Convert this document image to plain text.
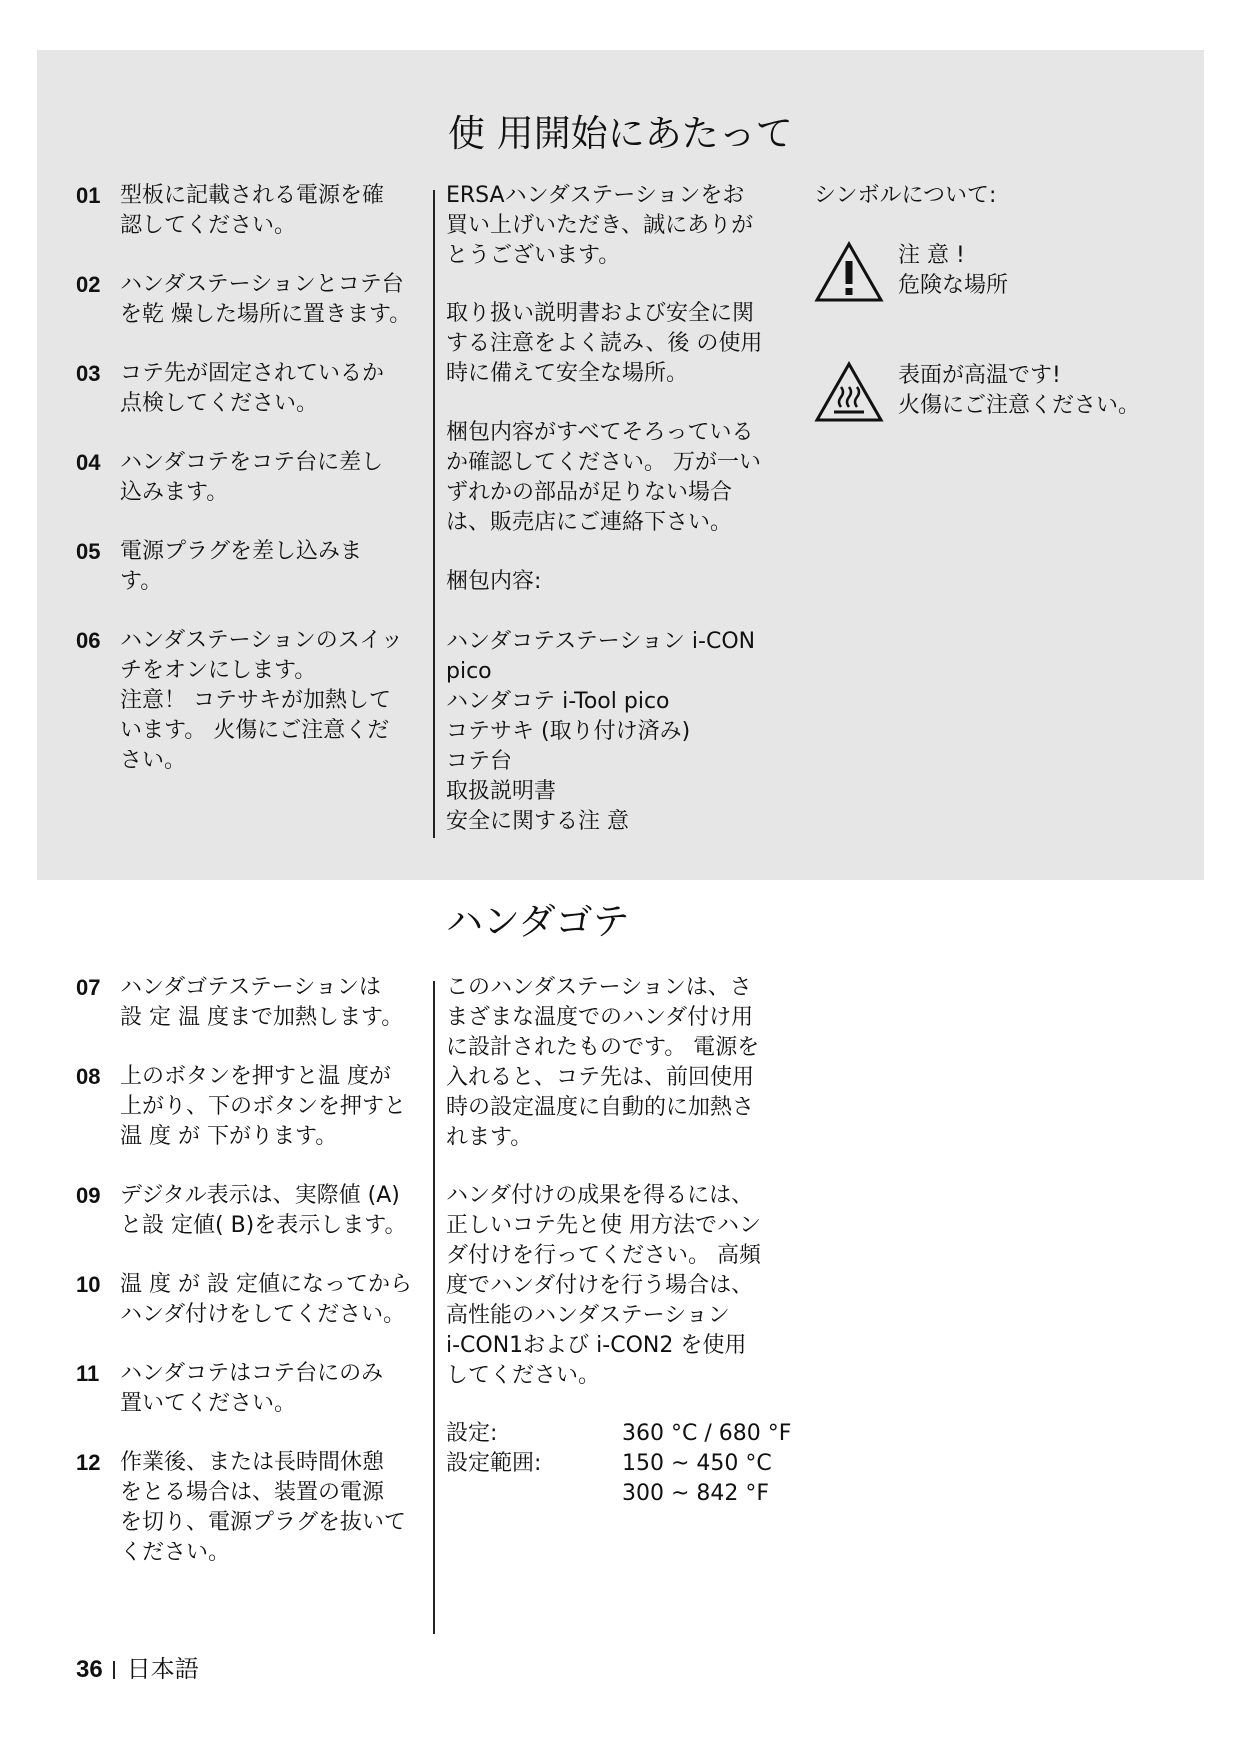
使 用開始にあたって
01 型板に記載される電源を確
認してください。
02 ハンダステーションとコテ台
を乾 燥した場所に置きます。
03 コテ先が固定されているか
点検してください。
04 ハンダコテをコテ台に差し
込みます。
05 電源プラグを差し込みま
す。
06 ハンダステーションのスイッ
チをオンにします。
注意！ コテサキが加熱して
います。 火傷にご注意くだ
さい。
ERSAハンダステーションをお
買い上げいただき、誠にありが
とうございます。
取り扱い説明書および安全に関
する注意をよく読み、後 の使用
時に備えて安全な場所。
梱包内容がすべてそろっている
か確認してください。 万が一い
ずれかの部品が足りない場合
は、販売店にご連絡下さい。
梱包内容:
ハンダコテステーション i-CON
pico
ハンダコテ i-Tool pico
コテサキ (取り付け済み)
コテ台
取扱説明書
安全に関する注 意
シンボルについて:
注 意 !
危険な場所
表面が高温です!
火傷にご注意ください。
ハンダゴテ
07 ハンダゴテステーションは
設 定 温 度まで加熱します。
08 上のボタンを押すと温 度が
上がり、下のボタンを押すと
温 度 が 下がります。
09 デジタル表示は、実際値 (A)
と設 定値( B)を表示します。
10 温 度 が 設 定値になってから
ハンダ付けをしてください。
11 ハンダコテはコテ台にのみ
置いてください。
12 作業後、または長時間休憩
をとる場合は、装置の電源
を切り、電源プラグを抜いて
ください。
このハンダステーションは、さ
まざまな温度でのハンダ付け用
に設計されたものです。 電源を
入れると、コテ先は、前回使用
時の設定温度に自動的に加熱さ
れます。
ハンダ付けの成果を得るには、
正しいコテ先と使 用方法でハン
ダ付けを行ってください。 高頻
度でハンダ付けを行う場合は、
高性能のハンダステーション
i-CON1および i-CON2 を使用
してください。
設定:	360 °C / 680 °F
設定範囲:	150 ~ 450 °C
300 ~ 842 °F
36 日本語
